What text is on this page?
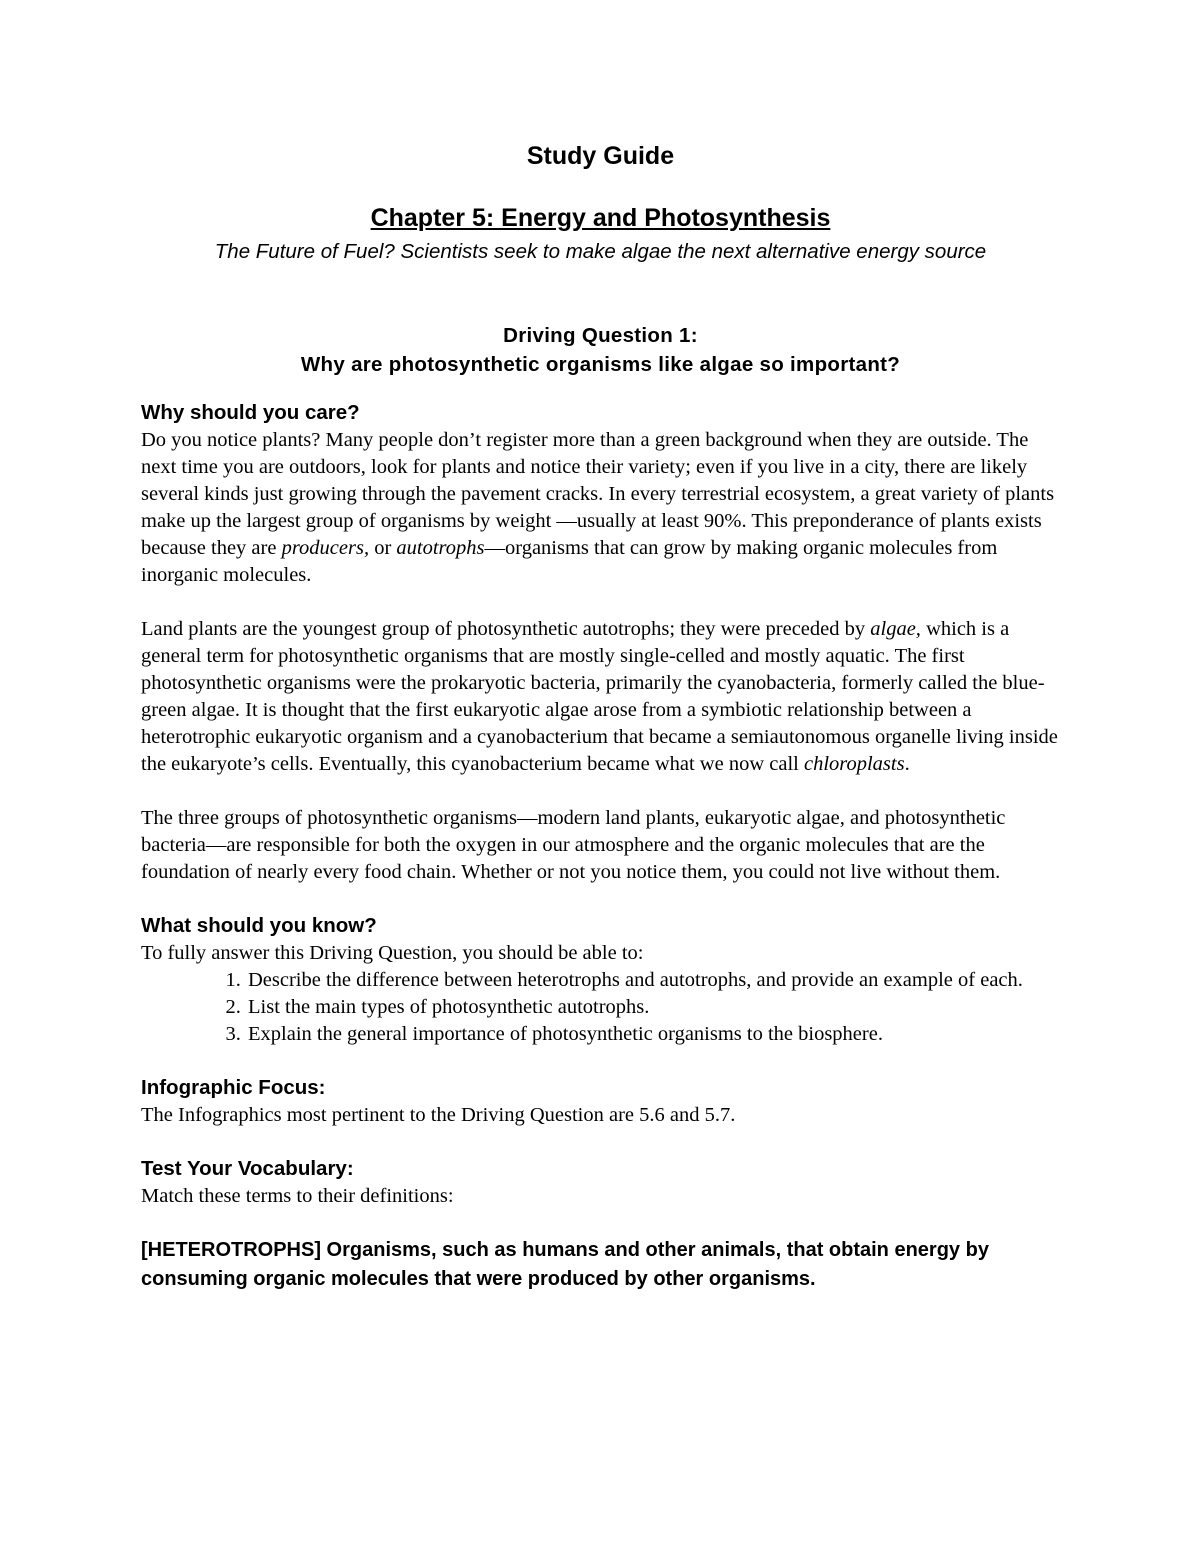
Study Guide
Chapter 5: Energy and Photosynthesis

The Future of Fuel? Scientists seek to make algae the next alternative energy source

Driving Question 1:

Why are photosynthetic organisms like algae so important?

Why should you care?

Do you notice plants? Many people don’t register more than a green background when they are outside. The next time you are outdoors, look for plants and notice their variety; even if you live in a city, there are likely several kinds just growing through the pavement cracks. In every terrestrial ecosystem, a great variety of plants make up the largest group of organisms by weight —usually at least 90%. This preponderance of plants exists because they are producers, or autotrophs—organisms that can grow by making organic molecules from inorganic molecules.

Land plants are the youngest group of photosynthetic autotrophs; they were preceded by algae, which is a general term for photosynthetic organisms that are mostly single-celled and mostly aquatic. The first photosynthetic organisms were the prokaryotic bacteria, primarily the cyanobacteria, formerly called the blue-green algae. It is thought that the first eukaryotic algae arose from a symbiotic relationship between a heterotrophic eukaryotic organism and a cyanobacterium that became a semiautonomous organelle living inside the eukaryote’s cells. Eventually, this cyanobacterium became what we now call chloroplasts.

The three groups of photosynthetic organisms—modern land plants, eukaryotic algae, and photosynthetic bacteria—are responsible for both the oxygen in our atmosphere and the organic molecules that are the foundation of nearly every food chain. Whether or not you notice them, you could not live without them.

What should you know?

To fully answer this Driving Question, you should be able to:

1. Describe the difference between heterotrophs and autotrophs, and provide an example of each.
2. List the main types of photosynthetic autotrophs.
3. Explain the general importance of photosynthetic organisms to the biosphere.
Infographic Focus:

The Infographics most pertinent to the Driving Question are 5.6 and 5.7.

Test Your Vocabulary:

Match these terms to their definitions:

[HETEROTROPHS] Organisms, such as humans and other animals, that obtain energy by consuming organic molecules that were produced by other organisms.
